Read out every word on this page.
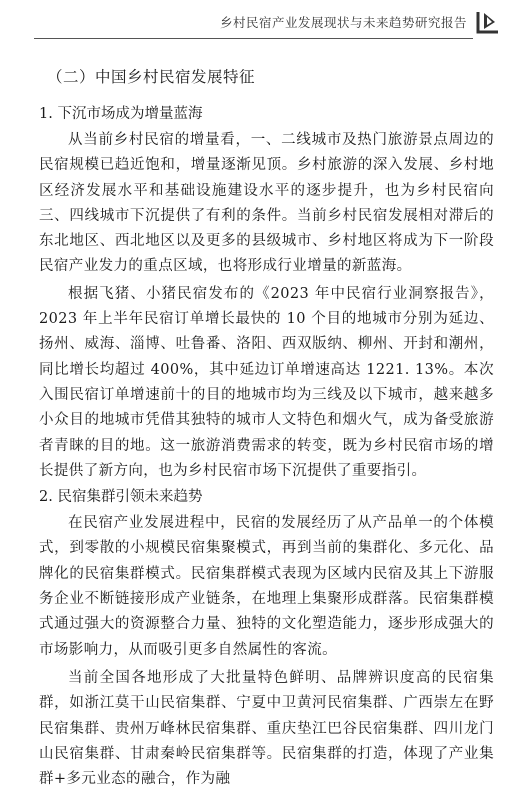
乡村民宿产业发展现状与未来趋势研究报告

（二）中国乡村民宿发展特征

1. 下沉市场成为增量蓝海

从当前乡村民宿的增量看，一、二线城市及热门旅游景点周边的民宿规模已趋近饱和，增量逐渐见顶。乡村旅游的深入发展、乡村地区经济发展水平和基础设施建设水平的逐步提升，也为乡村民宿向三、四线城市下沉提供了有利的条件。当前乡村民宿发展相对滞后的东北地区、西北地区以及更多的县级城市、乡村地区将成为下一阶段民宿产业发力的重点区域，也将形成行业增量的新蓝海。

根据飞猪、小猪民宿发布的《2023 年中民宿行业洞察报告》，2023 年上半年民宿订单增长最快的 10 个目的地城市分别为延边、扬州、威海、淄博、吐鲁番、洛阳、西双版纳、柳州、开封和潮州，同比增长均超过 400%，其中延边订单增速高达 1221. 13%。本次入围民宿订单增速前十的目的地城市均为三线及以下城市，越来越多小众目的地城市凭借其独特的城市人文特色和烟火气，成为备受旅游者青睐的目的地。这一旅游消费需求的转变，既为乡村民宿市场的增长提供了新方向，也为乡村民宿市场下沉提供了重要指引。

2. 民宿集群引领未来趋势

在民宿产业发展进程中，民宿的发展经历了从产品单一的个体模式，到零散的小规模民宿集聚模式，再到当前的集群化、多元化、品牌化的民宿集群模式。民宿集群模式表现为区域内民宿及其上下游服务企业不断链接形成产业链条，在地理上集聚形成群落。民宿集群模式通过强大的资源整合力量、独特的文化塑造能力，逐步形成强大的市场影响力，从而吸引更多自然属性的客流。

当前全国各地形成了大批量特色鲜明、品牌辨识度高的民宿集群，如浙江莫干山民宿集群、宁夏中卫黄河民宿集群、广西崇左在野民宿集群、贵州万峰林民宿集群、重庆垫江巴谷民宿集群、四川龙门山民宿集群、甘肃秦岭民宿集群等。民宿集群的打造，体现了产业集群+多元业态的融合，作为融
